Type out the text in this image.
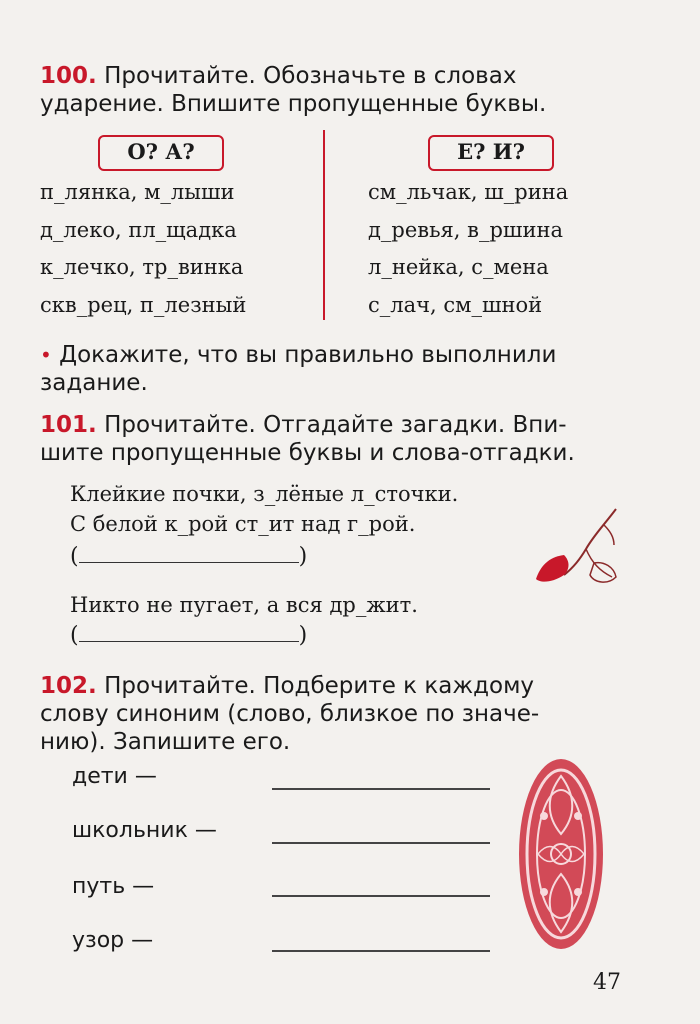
100. Прочитайте. Обозначьте в словах
ударение. Впишите пропущенные буквы.
О? А?	Е? И?
п_лянка, м_лыши
д_леко, пл_щадка
к_лечко, тр_винка
скв_рец, п_лезный
см_льчак, ш_рина
д_ревья, в_ршина
л_нейка, с_мена
с_лач, см_шной
• Докажите, что вы правильно выполнили
задание.
101. Прочитайте. Отгадайте загадки. Впи-
шите пропущенные буквы и слова-отгадки.
Клейкие почки, з_лёные л_сточки.
С белой к_рой ст_ит над г_рой.
(	)
Никто не пугает, а вся др_жит.
(	)
102. Прочитайте. Подберите к каждому
слову синоним (слово, близкое по значе-
нию). Запишите его.
дети —
школьник —
путь —
узор —
47
